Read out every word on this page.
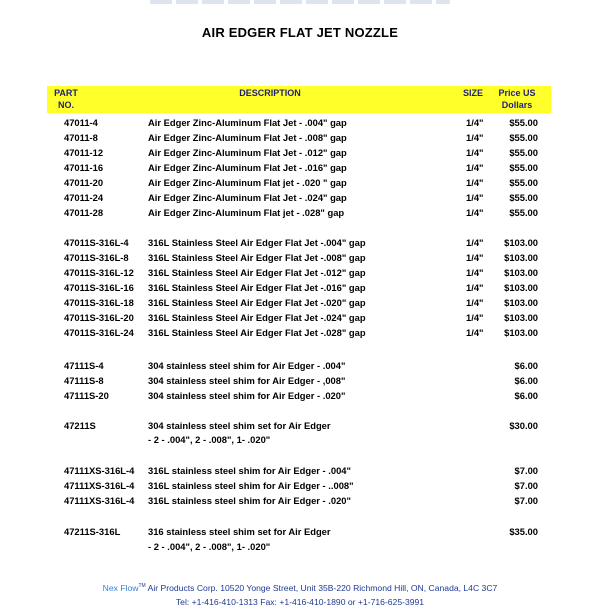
AIR EDGER FLAT JET NOZZLE
PART
NO.
DESCRIPTION	SIZE	Price US
Dollars
47011-4	Air Edger Zinc-Aluminum Flat Jet - .004" gap	1/4"	$55.00
47011-8	Air Edger Zinc-Aluminum Flat Jet - .008" gap	1/4"	$55.00
47011-12	Air Edger Zinc-Aluminum Flat Jet - .012" gap	1/4"	$55.00
47011-16	Air Edger Zinc-Aluminum Flat Jet - .016" gap	1/4"	$55.00
47011-20	Air Edger Zinc-Aluminum Flat jet - .020 " gap	1/4"	$55.00
47011-24	Air Edger Zinc-Aluminum Flat Jet - .024" gap	1/4"	$55.00
47011-28	Air Edger Zinc-Aluminum Flat jet - .028" gap	1/4"	$55.00
47011S-316L-4 316L Stainless Steel Air Edger Flat Jet -.004" gap	1/4"	$103.00
47011S-316L-8 316L Stainless Steel Air Edger Flat Jet -.008" gap	1/4"	$103.00
47011S-316L-12 316L Stainless Steel Air Edger Flat Jet -.012" gap	1/4"	$103.00
47011S-316L-16 316L Stainless Steel Air Edger Flat Jet -.016" gap	1/4"	$103.00
47011S-316L-18 316L Stainless Steel Air Edger Flat Jet -.020" gap	1/4"	$103.00
47011S-316L-20 316L Stainless Steel Air Edger Flat Jet -.024" gap	1/4"	$103.00
47011S-316L-24 316L Stainless Steel Air Edger Flat Jet -.028" gap	1/4"	$103.00
47111S-4	304 stainless steel shim for Air Edger - .004"	$6.00
47111S-8	304 stainless steel shim for Air Edger - ,008"	$6.00
47111S-20	304 stainless steel shim for Air Edger - .020"	$6.00
47211S	304 stainless steel shim set for Air Edger	$30.00
- 2 - .004", 2 - .008", 1- .020"
47111XS-316L-4 316L stainless steel shim for Air Edger - .004"	$7.00
47111XS-316L-4 316L stainless steel shim for Air Edger - ..008"	$7.00
47111XS-316L-4 316L stainless steel shim for Air Edger - .020"	$7.00
47211S-316L	316 stainless steel shim set for Air Edger	$35.00
- 2 - .004", 2 - .008", 1- .020"
Nex Flow™ Air Products Corp. 10520 Yonge Street, Unit 35B-220 Richmond Hill, ON, Canada, L4C 3C7
Tel: +1-416-410-1313 Fax: +1-416-410-1890 or +1-716-625-3991
